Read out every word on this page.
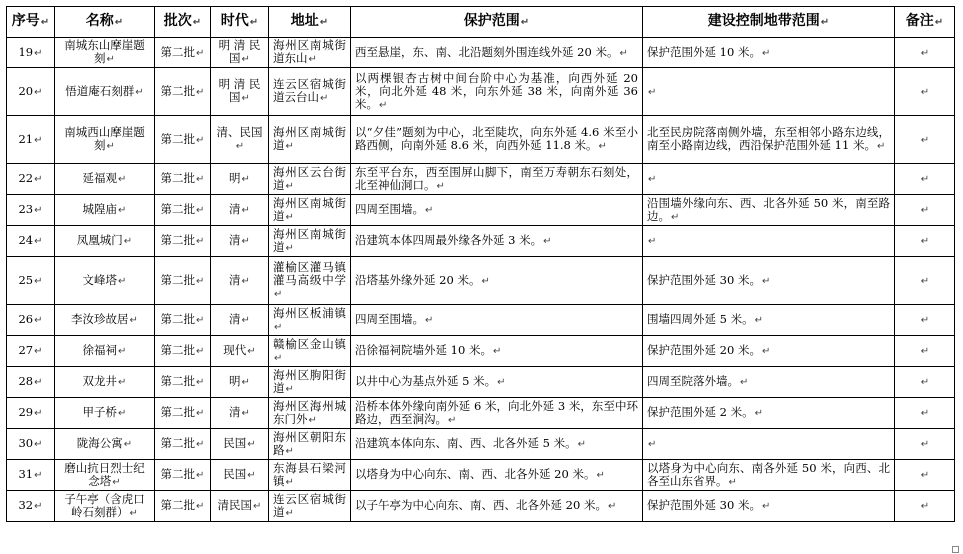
序号↵	名称↵	批次↵	时代↵	地址↵	保护范围↵	建设控制地带范围↵	备注↵
19↵	南城东山摩崖题刻↵	第二批↵	明 清 民国↵	海州区南城街道东山↵	西至悬崖，东、南、北沿题刻外围连线外延 20 米。↵	保护范围外延 10 米。↵	↵
20↵	悟道庵石刻群↵	第二批↵	明 清 民国↵	连云区宿城街道云台山↵	以两棵银杏古树中间台阶中心为基准，向西外延 20 米，向北外延 48 米，向东外延 38 米，向南外延 36 米。↵	↵	↵
21↵	南城西山摩崖题刻↵	第二批↵	清、民国↵	海州区南城街道↵	以“夕佳”题刻为中心，北至陡坎，向东外延 4.6 米至小路西侧，向南外延 8.6 米，向西外延 11.8 米。↵	北至民房院落南侧外墙，东至相邻小路东边线，南至小路南边线，西沿保护范围外延 11 米。↵	↵
22↵	延福观↵	第二批↵	明↵	海州区云台街道↵	东至平台东，西至围屏山脚下，南至万寿朝东石刻处，北至神仙洞口。↵	↵	↵
23↵	城隍庙↵	第二批↵	清↵	海州区南城街道↵	四周至围墙。↵	沿围墙外缘向东、西、北各外延 50 米，南至路边。↵	↵
24↵	凤凰城门↵	第二批↵	清↵	海州区南城街道↵	沿建筑本体四周最外缘各外延 3 米。↵	↵	↵
25↵	文峰塔↵	第二批↵	清↵	灌榆区灌马镇灌马高级中学↵	沿塔基外缘外延 20 米。↵	保护范围外延 30 米。↵	↵
26↵	李汝珍故居↵	第二批↵	清↵	海州区板浦镇↵	四周至围墙。↵	围墙四周外延 5 米。↵	↵
27↵	徐福祠↵	第二批↵	现代↵	赣榆区金山镇↵	沿徐福祠院墙外延 10 米。↵	保护范围外延 20 米。↵	↵
28↵	双龙井↵	第二批↵	明↵	海州区朐阳街道↵	以井中心为基点外延 5 米。↵	四周至院落外墙。↵	↵
29↵	甲子桥↵	第二批↵	清↵	海州区海州城东门外↵	沿桥本体外缘向南外延 6 米，向北外延 3 米，东至中环路边，西至涧沟。↵	保护范围外延 2 米。↵	↵
30↵	陇海公寓↵	第二批↵	民国↵	海州区朝阳东路↵	沿建筑本体向东、南、西、北各外延 5 米。↵	↵	↵
31↵	磨山抗日烈士纪念塔↵	第二批↵	民国↵	东海县石梁河镇↵	以塔身为中心向东、南、西、北各外延 20 米。↵	以塔身为中心向东、南各外延 50 米，向西、北各至山东省界。↵	↵
32↵	子午亭（含虎口岭石刻群）↵	第二批↵	清民国↵	连云区宿城街道↵	以子午亭为中心向东、南、西、北各外延 20 米。↵	保护范围外延 30 米。↵	↵
